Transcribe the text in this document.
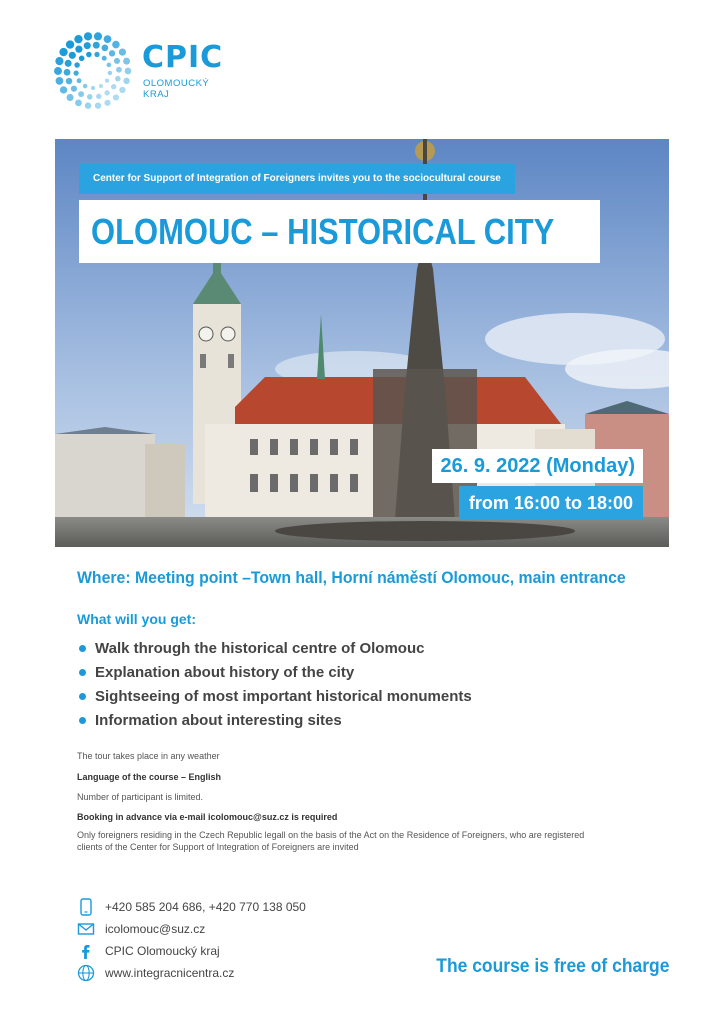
CPIC
OLOMOUCKÝ
KRAJ
Center for Support of Integration of Foreigners invites you to the sociocultural course
OLOMOUC – HISTORICAL CITY
26. 9. 2022 (Monday)
from 16:00 to 18:00
Where: Meeting point –Town hall, Horní náměstí Olomouc, main entrance
What will you get:
Walk through the historical centre of Olomouc
Explanation about history of the city
Sightseeing of most important historical monuments
Information about interesting sites
The tour takes place in any weather
Language of the course – English
Number of participant is limited.
Booking in advance via e-mail icolomouc@suz.cz is required
Only foreigners residing in the Czech Republic legall on the basis of the Act on the Residence of Foreigners, who are registered
clients of the Center for Support of Integration of Foreigners are invited
+420 585 204 686, +420 770 138 050
icolomouc@suz.cz
CPIC Olomoucký kraj
www.integracnicentra.cz	The course is free of charge
